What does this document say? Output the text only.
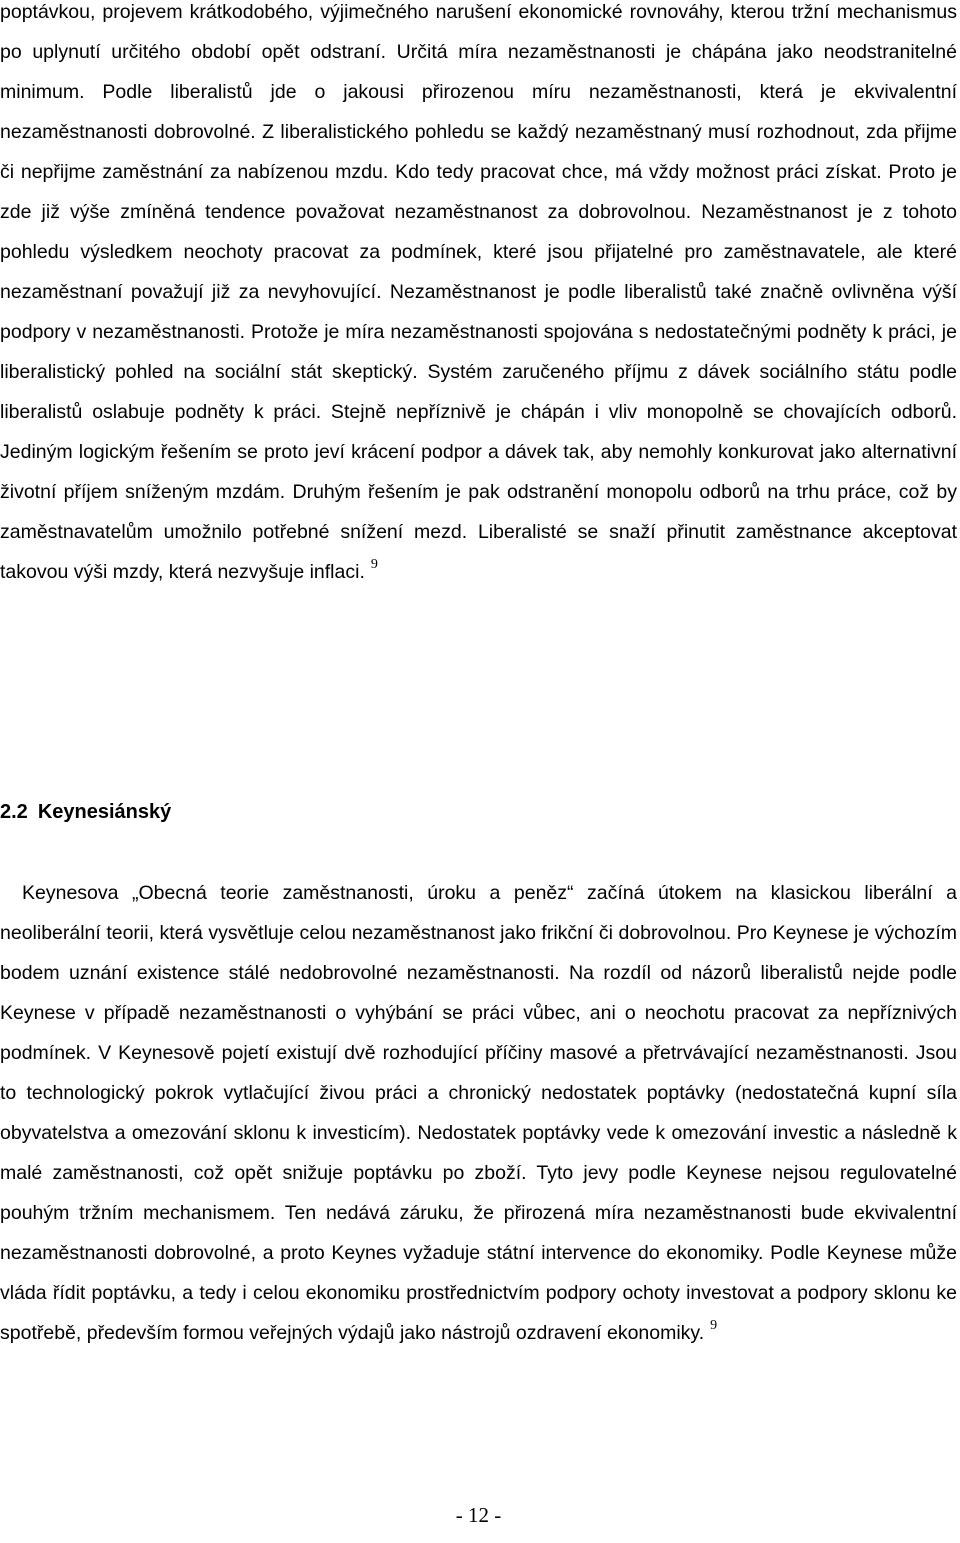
poptávkou, projevem krátkodobého, výjimečného narušení ekonomické rovnováhy, kterou tržní mechanismus po uplynutí určitého období opět odstraní. Určitá míra nezaměstnanosti je chápána jako neodstranitelné minimum. Podle liberalistů jde o jakousi přirozenou míru nezaměstnanosti, která je ekvivalentní nezaměstnanosti dobrovolné. Z liberalistického pohledu se každý nezaměstnaný musí rozhodnout, zda přijme či nepřijme zaměstnání za nabízenou mzdu. Kdo tedy pracovat chce, má vždy možnost práci získat. Proto je zde již výše zmíněná tendence považovat nezaměstnanost za dobrovolnou. Nezaměstnanost je z tohoto pohledu výsledkem neochoty pracovat za podmínek, které jsou přijatelné pro zaměstnavatele, ale které nezaměstnaní považují již za nevyhovující. Nezaměstnanost je podle liberalistů také značně ovlivněna výší podpory v nezaměstnanosti. Protože je míra nezaměstnanosti spojována s nedostatečnými podněty k práci, je liberalistický pohled na sociální stát skeptický. Systém zaručeného příjmu z dávek sociálního státu podle liberalistů oslabuje podněty k práci. Stejně nepříznivě je chápán i vliv monopolně se chovajících odborů. Jediným logickým řešením se proto jeví krácení podpor a dávek tak, aby nemohly konkurovat jako alternativní životní příjem sníženým mzdám. Druhým řešením je pak odstranění monopolu odborů na trhu práce, což by zaměstnavatelům umožnilo potřebné snížení mezd. Liberalisté se snaží přinutit zaměstnance akceptovat takovou výši mzdy, která nezvyšuje inflaci. $^9$

2.2 Keynesiánský

Keynesova „Obecná teorie zaměstnanosti, úroku a peněz“ začíná útokem na klasickou liberální a neoliberální teorii, která vysvětluje celou nezaměstnanost jako frikční či dobrovolnou. Pro Keynese je výchozím bodem uznání existence stálé nedobrovolné nezaměstnanosti. Na rozdíl od názorů liberalistů nejde podle Keynese v případě nezaměstnanosti o vyhýbání se práci vůbec, ani o neochotu pracovat za nepříznivých podmínek. V Keynesově pojetí existují dvě rozhodující příčiny masové a přetrvávající nezaměstnanosti. Jsou to technologický pokrok vytlačující živou práci a chronický nedostatek poptávky (nedostatečná kupní síla obyvatelstva a omezování sklonu k investicím). Nedostatek poptávky vede k omezování investic a následně k malé zaměstnanosti, což opět snižuje poptávku po zboží. Tyto jevy podle Keynese nejsou regulovatelné pouhým tržním mechanismem. Ten nedává záruku, že přirozená míra nezaměstnanosti bude ekvivalentní nezaměstnanosti dobrovolné, a proto Keynes vyžaduje státní intervence do ekonomiky. Podle Keynese může vláda řídit poptávku, a tedy i celou ekonomiku prostřednictvím podpory ochoty investovat a podpory sklonu ke spotřebě, především formou veřejných výdajů jako nástrojů ozdravení ekonomiky. $^9$

- 12 -
